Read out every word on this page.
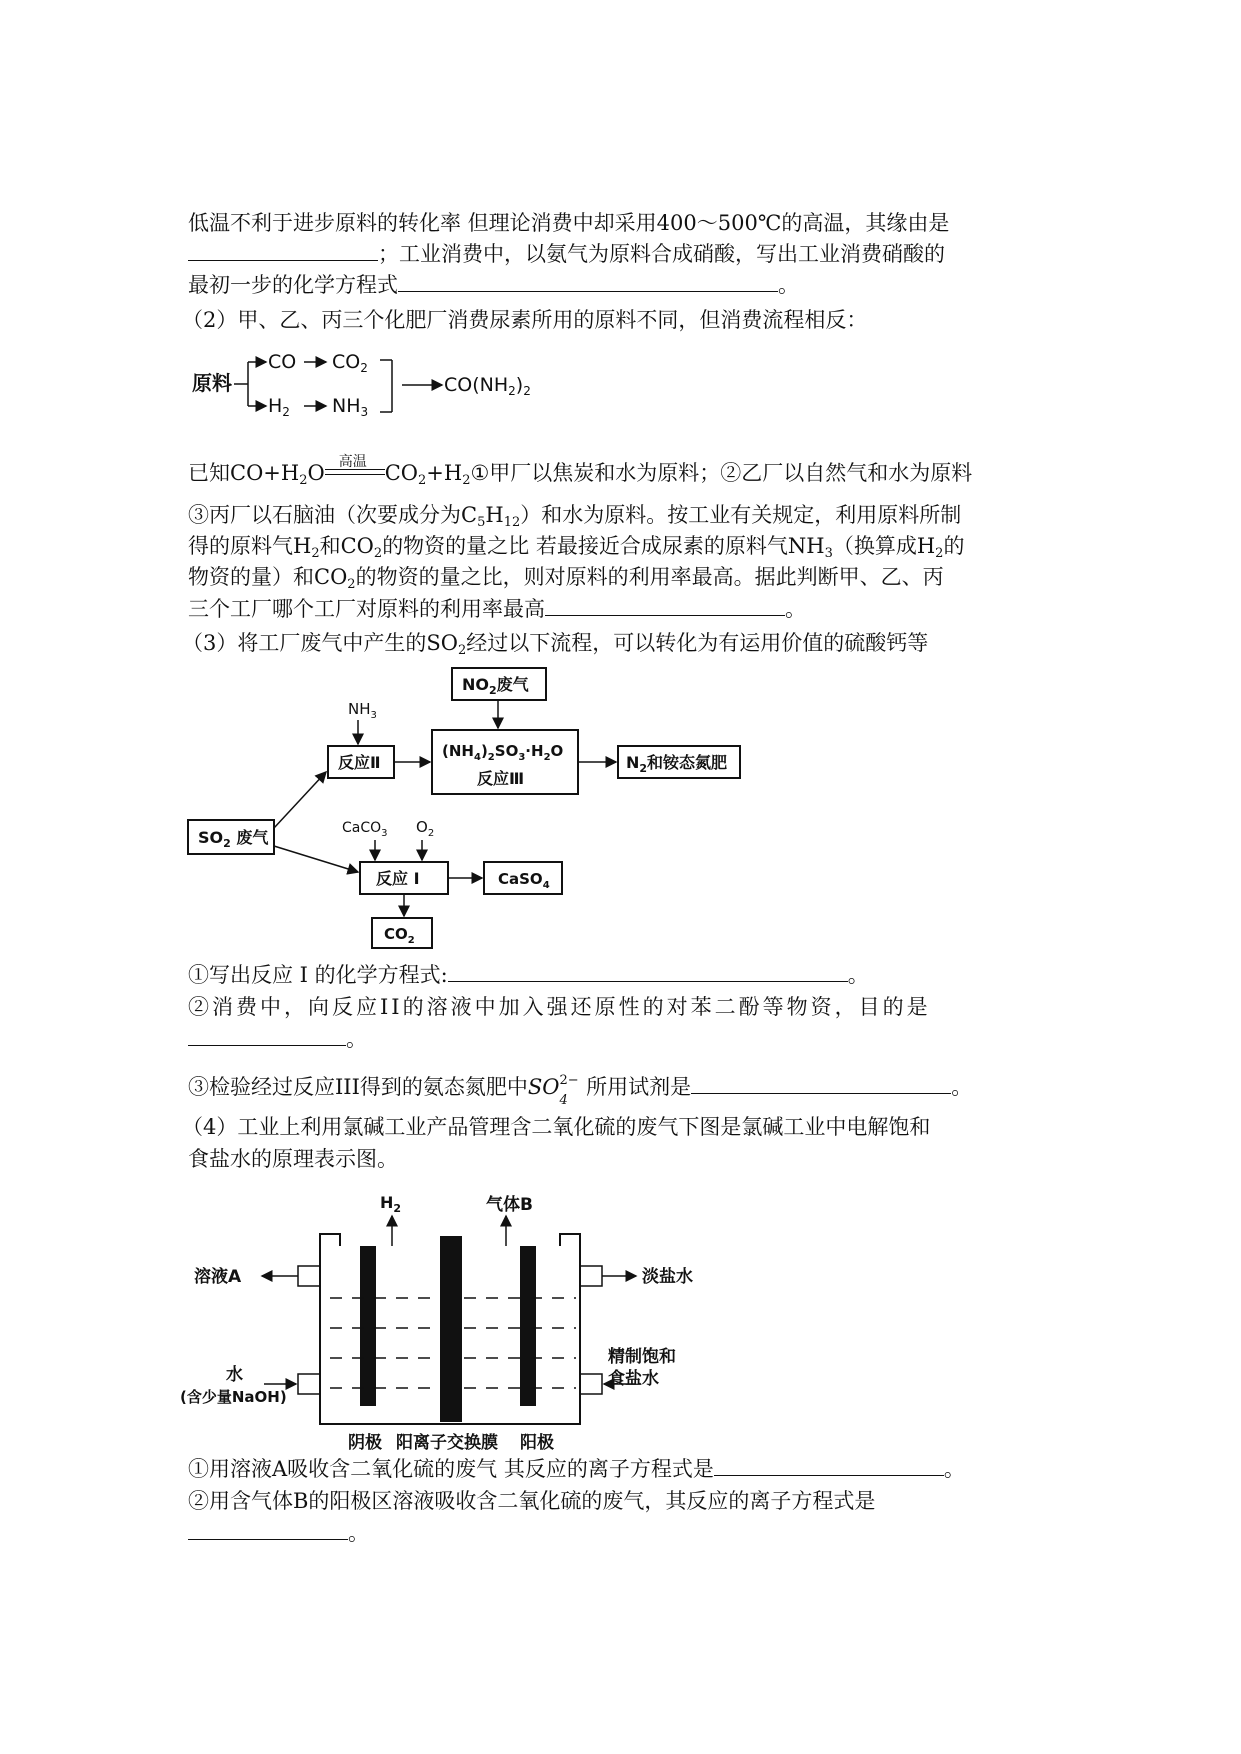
低温不利于进步原料的转化率 但理论消费中却采用400～500℃的高温，其缘由是
；工业消费中，以氨气为原料合成硝酸，写出工业消费硝酸的
最初一步的化学方程式	。
（2）甲、乙、丙三个化肥厂消费尿素所用的原料不同，但消费流程相反：
原料
CO $CO_2$
$H_2$ $NH_3$
$CO(NH_2)_2$
已知$CO+H_2O$ 高温 $CO_2+H_2①$甲厂以焦炭和水为原料；②乙厂以自然气和水为原料
③丙厂以石脑油（次要成分为$C_5H_{12}$）和水为原料。按工业有关规定，利用原料所制
得的原料气$H_2$和$CO_2$的物资的量之比 若最接近合成尿素的原料气$NH_3$（换算成$H_2$的
物资的量）和$CO_2$的物资的量之比，则对原料的利用率最高。据此判断甲、乙、丙
三个工厂哪个工厂对原料的利用率最高	。
（3）将工厂废气中产生的$SO_2$经过以下流程，可以转化为有运用价值的硫酸钙等
$NO_2$废气
$NH_3$
反应Ⅱ
$(NH_4)_2SO_3\cdot H_2O$
反应Ⅲ
$N_2$和铵态氮肥
$SO_2$ 废气	CaCO$_3$ $O_2$
反应 I	CaSO$_4$
$CO_2$
①写出反应 I 的化学方程式:	。
②消费中，向反应II的溶液中加入强还原性的对苯二酚等物资，目的是
。
③检验经过反应III得到的氨态氮肥中SO 2−
4
所用试剂是	。
（4）工业上利用氯碱工业产品管理含二氧化硫的废气下图是氯碱工业中电解饱和
食盐水的原理表示图。
$H_2$	气体B
溶液A	淡盐水
水
(含少量NaOH)
精制饱和
食盐水
阴极 阳离子交换膜 阳极
①用溶液A吸收含二氧化硫的废气 其反应的离子方程式是	。
②用含气体B的阳极区溶液吸收含二氧化硫的废气，其反应的离子方程式是
。
